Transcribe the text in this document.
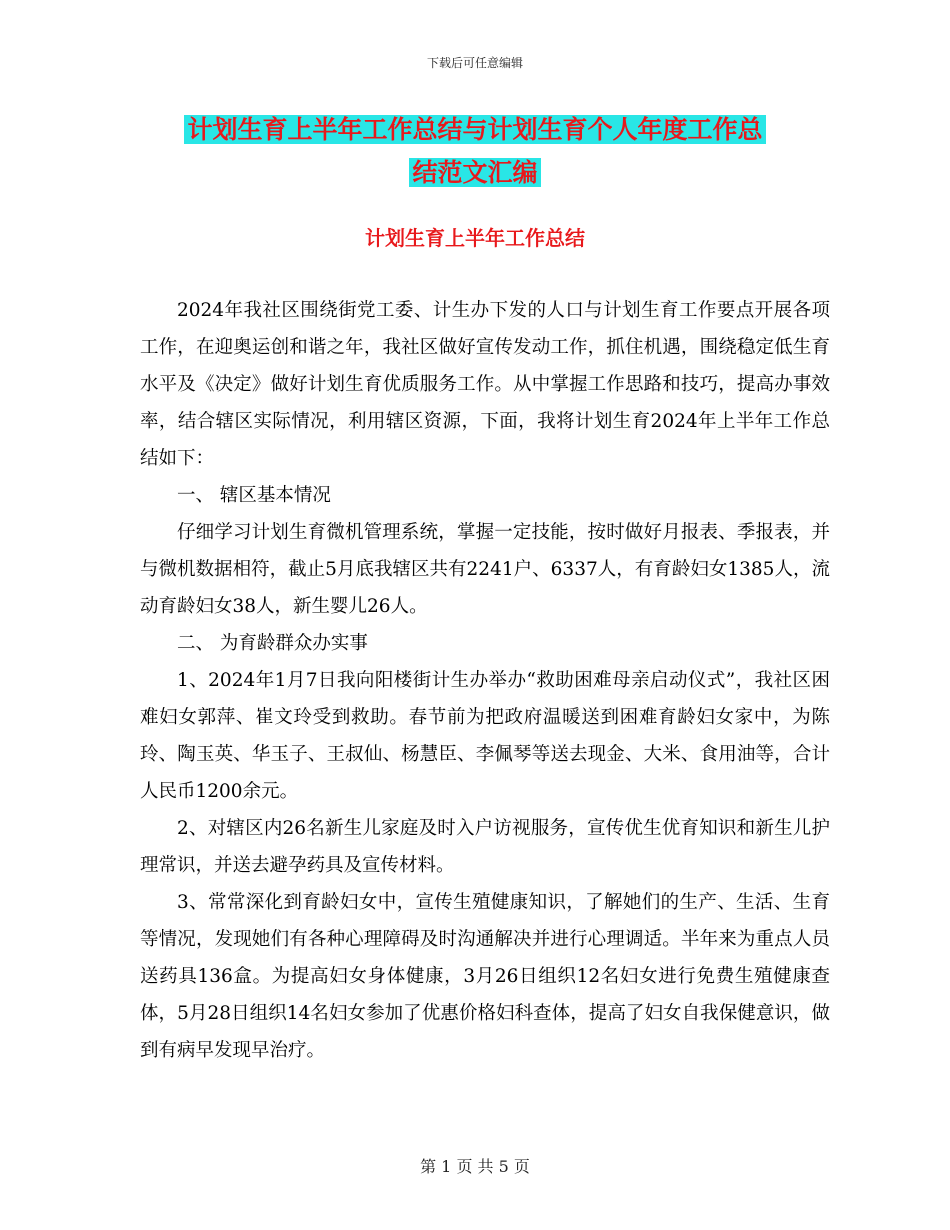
下载后可任意编辑
计划生育上半年工作总结与计划生育个人年度工作总
结范文汇编
计划生育上半年工作总结

2024年我社区围绕街党工委、计生办下发的人口与计划生育工作要点开展各项工作，在迎奥运创和谐之年，我社区做好宣传发动工作，抓住机遇，围绕稳定低生育水平及《决定》做好计划生育优质服务工作。从中掌握工作思路和技巧，提高办事效率，结合辖区实际情况，利用辖区资源，下面，我将计划生育2024年上半年工作总结如下：

一、 辖区基本情况

仔细学习计划生育微机管理系统，掌握一定技能，按时做好月报表、季报表，并与微机数据相符，截止5月底我辖区共有2241户、6337人，有育龄妇女1385人，流动育龄妇女38人，新生婴儿26人。

二、 为育龄群众办实事

1、2024年1月7日我向阳楼街计生办举办“救助困难母亲启动仪式”，我社区困难妇女郭萍、崔文玲受到救助。春节前为把政府温暖送到困难育龄妇女家中，为陈玲、陶玉英、华玉子、王叔仙、杨慧臣、李佩琴等送去现金、大米、食用油等，合计人民币1200余元。

2、对辖区内26名新生儿家庭及时入户访视服务，宣传优生优育知识和新生儿护理常识，并送去避孕药具及宣传材料。

3、常常深化到育龄妇女中，宣传生殖健康知识，了解她们的生产、生活、生育等情况，发现她们有各种心理障碍及时沟通解决并进行心理调适。半年来为重点人员送药具136盒。为提高妇女身体健康，3月26日组织12名妇女进行免费生殖健康查体，5月28日组织14名妇女参加了优惠价格妇科查体，提高了妇女自我保健意识，做到有病早发现早治疗。

第 1 页 共 5 页
